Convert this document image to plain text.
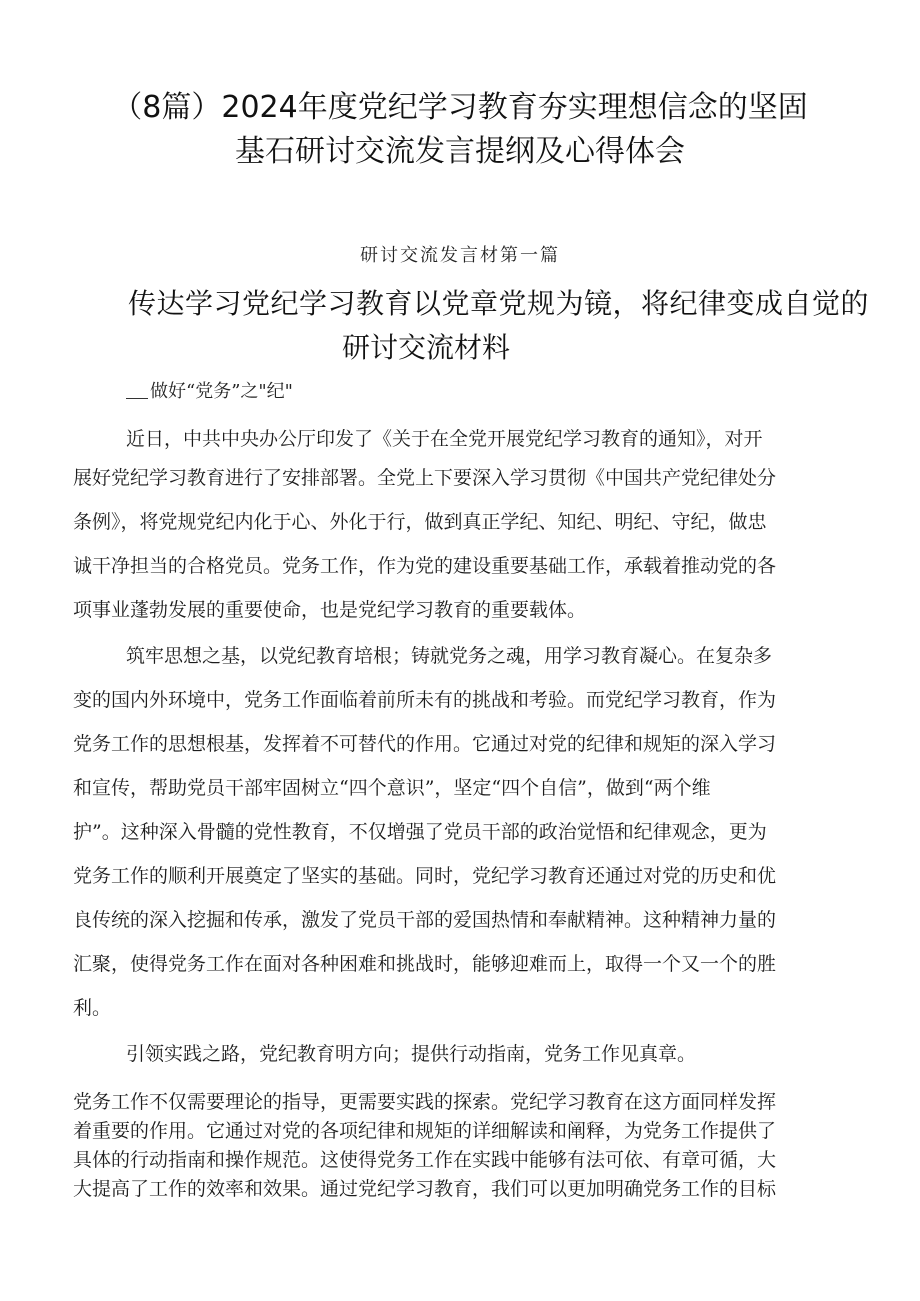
（8篇）2024年度党纪学习教育夯实理想信念的坚固
基石研讨交流发言提纲及心得体会
研讨交流发言材第一篇
传达学习党纪学习教育以党章党规为镜，将纪律变成自觉的
研讨交流材料
做好“党务”之"纪"
近日，中共中央办公厅印发了《关于在全党开展党纪学习教育的通知》，对开
展好党纪学习教育进行了安排部署。全党上下要深入学习贯彻《中国共产党纪律处分
条例》，将党规党纪内化于心、外化于行，做到真正学纪、知纪、明纪、守纪，做忠
诚干净担当的合格党员。党务工作，作为党的建设重要基础工作，承载着推动党的各
项事业蓬勃发展的重要使命，也是党纪学习教育的重要载体。
筑牢思想之基，以党纪教育培根；铸就党务之魂，用学习教育凝心。在复杂多
变的国内外环境中，党务工作面临着前所未有的挑战和考验。而党纪学习教育，作为
党务工作的思想根基，发挥着不可替代的作用。它通过对党的纪律和规矩的深入学习
和宣传，帮助党员干部牢固树立“四个意识”，坚定“四个自信”，做到“两个维
护”。这种深入骨髓的党性教育，不仅增强了党员干部的政治觉悟和纪律观念，更为
党务工作的顺利开展奠定了坚实的基础。同时，党纪学习教育还通过对党的历史和优
良传统的深入挖掘和传承，激发了党员干部的爱国热情和奉献精神。这种精神力量的
汇聚，使得党务工作在面对各种困难和挑战时，能够迎难而上，取得一个又一个的胜
利。
引领实践之路，党纪教育明方向；提供行动指南，党务工作见真章。
党务工作不仅需要理论的指导，更需要实践的探索。党纪学习教育在这方面同样发挥
着重要的作用。它通过对党的各项纪律和规矩的详细解读和阐释，为党务工作提供了
具体的行动指南和操作规范。这使得党务工作在实践中能够有法可依、有章可循，大
大提高了工作的效率和效果。通过党纪学习教育，我们可以更加明确党务工作的目标
